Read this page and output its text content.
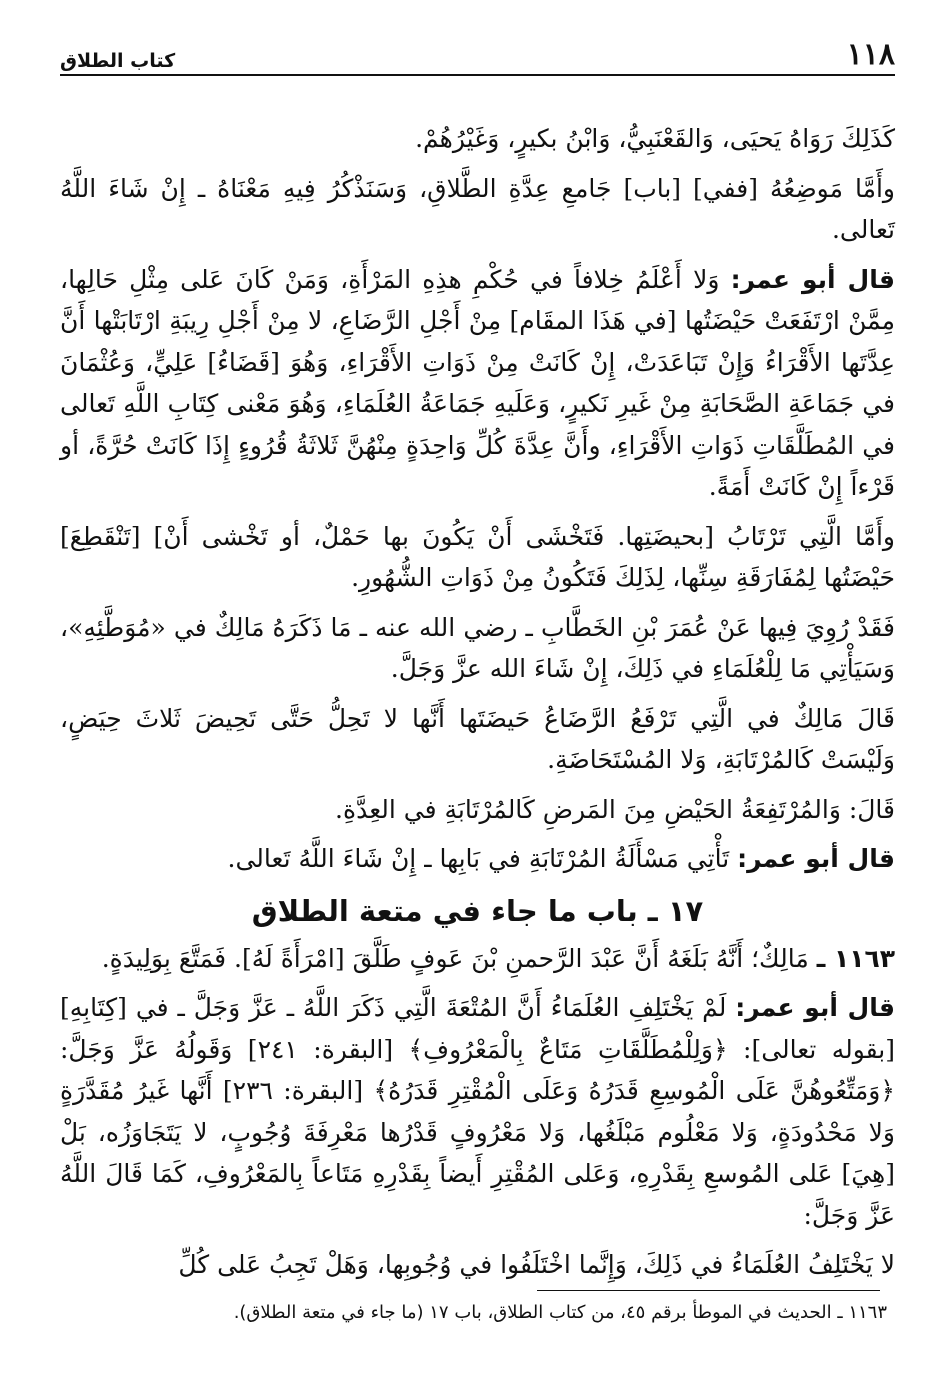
١١٨
كتاب الطلاق

كَذَلِكَ رَوَاهُ يَحيَى، وَالقَعْنَبِيُّ، وَابْنُ بكيرٍ، وَغَيْرُهُمْ.

وأَمَّا مَوضِعُهُ [ففي] [باب] جَامعِ عِدَّةِ الطَّلاقِ، وَسَنَذْكُرُ فِيهِ مَعْنَاهُ ـ إِنْ شَاءَ اللَّهُ تَعالى.

قال أبو عمر: وَلا أَعْلَمُ خِلافاً في حُكْمِ هذِهِ المَرْأَةِ، وَمَنْ كَانَ عَلى مِثْلِ حَالِها، مِمَّنْ ارْتَفَعَتْ حَيْضَتُها [في هَذَا المقَام] مِنْ أَجْلِ الرَّضَاعِ، لا مِنْ أَجْلِ رِيبَةِ ارْتَابَتْها أَنَّ عِدَّتَها الأَقْرَاءُ وَإِنْ تَبَاعَدَتْ، إِنْ كَانَتْ مِنْ ذَوَاتِ الأَقْرَاءِ، وَهُوَ [قَضَاءُ] عَلِيٍّ، وَعُثْمَانَ في جَمَاعَةِ الصَّحَابَةِ مِنْ غَيرِ نَكيرٍ، وَعَلَيهِ جَمَاعَةُ العُلَمَاءِ، وَهُوَ مَعْنى كِتَابِ اللَّهِ تَعالى في المُطَلَّقَاتِ ذَوَاتِ الأَقْرَاءِ، وأَنَّ عِدَّةَ كُلِّ وَاحِدَةٍ مِنْهُنَّ ثَلاثَةُ قُرُوءٍ إِذَا كَانَتْ حُرَّةً، أو قَرْءاً إِنْ كَانَتْ أَمَةً.

وأَمَّا الَّتِي تَرْتَابُ [بحيضَتِها. فَتَخْشَى أَنْ يَكُونَ بها حَمْلٌ، أو تَخْشى أَنْ] [تَنْقَطِعَ] حَيْضَتُها لِمُفَارَقَةِ سِنِّها، لِذَلِكَ فَتَكُونُ مِنْ ذَوَاتِ الشُّهُورِ.

فَقَدْ رُوِيَ فِيها عَنْ عُمَرَ بْنِ الخَطَّابِ ـ رضي الله عنه ـ مَا ذَكَرَهُ مَالِكٌ في «مُوَطَّئِهِ»، وَسَيَأْتِي مَا لِلْعُلَمَاءِ في ذَلِكَ، إِنْ شَاءَ الله عزَّ وَجَلَّ.

قَالَ مَالِكٌ في الَّتِي تَرْفَعُ الرَّضَاعُ حَيضَتَها أَنَّها لا تَحِلُّ حَتَّى تَحِيضَ ثَلاثَ حِيَضٍ، وَلَيْسَتْ كَالمُرْتَابَةِ، وَلا المُسْتَحَاضَةِ.

قَالَ: وَالمُرْتَفِعَةُ الحَيْضِ مِنَ المَرضِ كَالمُرْتَابَةِ في العِدَّةِ.

قال أبو عمر: تَأْتِي مَسْأَلَةُ المُرْتَابَةِ في بَابِها ـ إِنْ شَاءَ اللَّهُ تَعالى.

١٧ ـ باب ما جاء في متعة الطلاق

١١٦٣ ـ مَالِكٌ؛ أَنَّهُ بَلَغَهُ أَنَّ عَبْدَ الرَّحمنِ بْنَ عَوفٍ طَلَّقَ [امْرَأَةً لَهُ]. فَمَتَّعَ بِوَلِيدَةٍ.

قال أبو عمر: لَمْ يَخْتَلِفِ العُلَمَاءُ أَنَّ المُتْعَةَ الَّتِي ذَكَرَ اللَّهُ ـ عَزَّ وَجَلَّ ـ في [كِتَابِهِ] [بقوله تعالى]: ﴿وَلِلْمُطَلَّقَاتِ مَتَاعٌ بِالْمَعْرُوفِ﴾ [البقرة: ٢٤١] وَقَولُهُ عَزَّ وَجَلَّ: ﴿وَمَتِّعُوهُنَّ عَلَى الْمُوسِعِ قَدَرُهُ وَعَلَى الْمُقْتِرِ قَدَرُهُ﴾ [البقرة: ٢٣٦] أَنَّها غَيرُ مُقَدَّرَةٍ وَلا مَحْدُودَةٍ، وَلا مَعْلُوم مَبْلَغُها، وَلا مَعْرُوفٍ قَدْرُها مَعْرِفَةَ وُجُوبٍ، لا يَتَجَاوَزُه، بَلْ [هِيَ] عَلى المُوسعِ بِقَدْرِهِ، وَعَلى المُقْتِرِ أَيضاً بِقَدْرِهِ مَتَاعاً بِالمَعْرُوفِ، كَمَا قَالَ اللَّهُ عَزَّ وَجَلَّ:

لا يَخْتَلِفُ العُلَمَاءُ في ذَلِكَ، وَإِنَّما اخْتَلَفُوا في وُجُوبِها، وَهَلْ تَجِبُ عَلى كُلِّ

١١٦٣ ـ الحديث في الموطأ برقم ٤٥، من كتاب الطلاق، باب ١٧ (ما جاء في متعة الطلاق).
